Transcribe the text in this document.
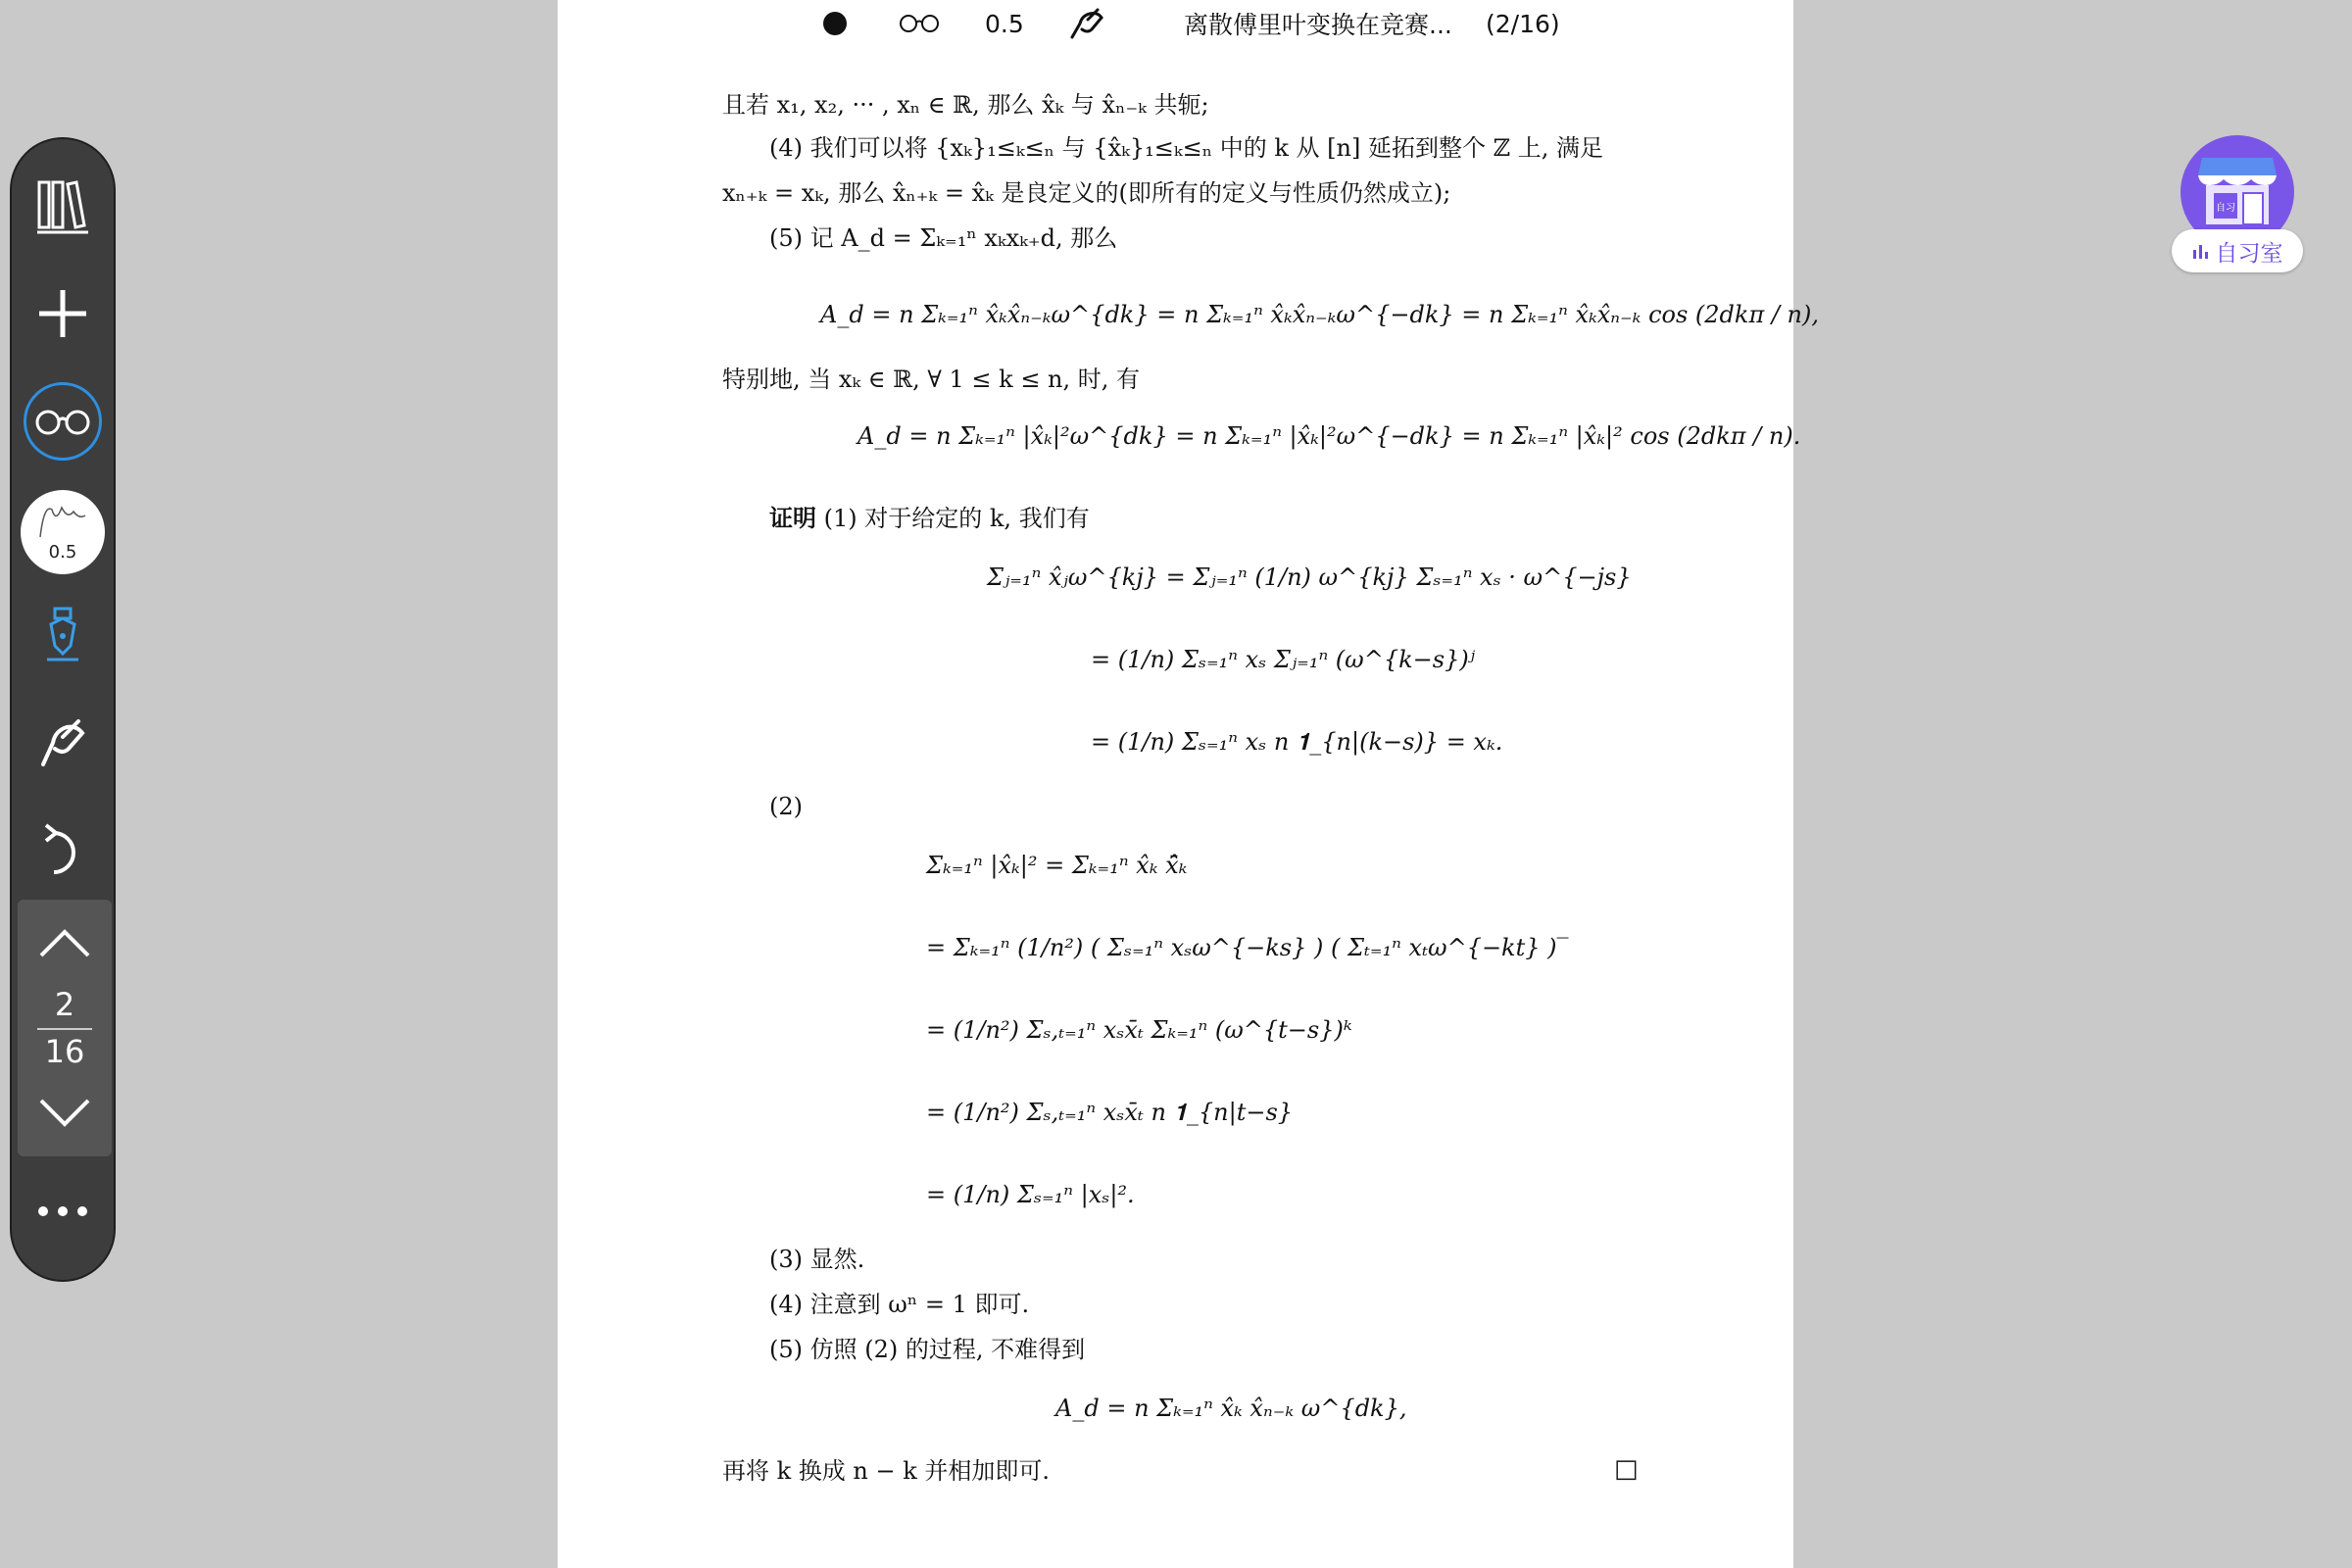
0.5	离散傅里叶变换在竞赛... (2/16)
且若 x₁, x₂, ··· , xₙ ∈ ℝ, 那么 x̂ₖ 与 x̂ₙ₋ₖ 共轭;
(4) 我们可以将 {xₖ}₁≤ₖ≤ₙ 与 {x̂ₖ}₁≤ₖ≤ₙ 中的 k 从 [n] 延拓到整个 ℤ 上, 满足
xₙ₊ₖ = xₖ, 那么 x̂ₙ₊ₖ = x̂ₖ 是良定义的(即所有的定义与性质仍然成立);
(5) 记 A_d = Σₖ₌₁ⁿ xₖxₖ₊d, 那么
A_d = n Σₖ₌₁ⁿ x̂ₖx̂ₙ₋ₖω^{dk} = n Σₖ₌₁ⁿ x̂ₖx̂ₙ₋ₖω^{−dk} = n Σₖ₌₁ⁿ x̂ₖx̂ₙ₋ₖ cos (2dkπ / n),
特别地, 当 xₖ ∈ ℝ, ∀ 1 ≤ k ≤ n, 时, 有
A_d = n Σₖ₌₁ⁿ |x̂ₖ|²ω^{dk} = n Σₖ₌₁ⁿ |x̂ₖ|²ω^{−dk} = n Σₖ₌₁ⁿ |x̂ₖ|² cos (2dkπ / n).
证明 (1) 对于给定的 k, 我们有
Σⱼ₌₁ⁿ x̂ⱼω^{kj} = Σⱼ₌₁ⁿ (1/n) ω^{kj} Σₛ₌₁ⁿ xₛ · ω^{−js}
= (1/n) Σₛ₌₁ⁿ xₛ Σⱼ₌₁ⁿ (ω^{k−s})ʲ
= (1/n) Σₛ₌₁ⁿ xₛ n 𝟏_{n|(k−s)} = xₖ.
(2)
Σₖ₌₁ⁿ |x̂ₖ|² = Σₖ₌₁ⁿ x̂ₖ x̂̄ₖ
= Σₖ₌₁ⁿ (1/n²) ( Σₛ₌₁ⁿ xₛω^{−ks} ) ( Σₜ₌₁ⁿ xₜω^{−kt} )‾
= (1/n²) Σₛ,ₜ₌₁ⁿ xₛx̄ₜ Σₖ₌₁ⁿ (ω^{t−s})ᵏ
= (1/n²) Σₛ,ₜ₌₁ⁿ xₛx̄ₜ n 𝟏_{n|t−s}
= (1/n) Σₛ₌₁ⁿ |xₛ|².
(3) 显然.
(4) 注意到 ωⁿ = 1 即可.
(5) 仿照 (2) 的过程, 不难得到
A_d = n Σₖ₌₁ⁿ x̂ₖ x̂ₙ₋ₖ ω^{dk},
再将 k 换成 n − k 并相加即可.	□
0.5
2
16
自习
自习室
